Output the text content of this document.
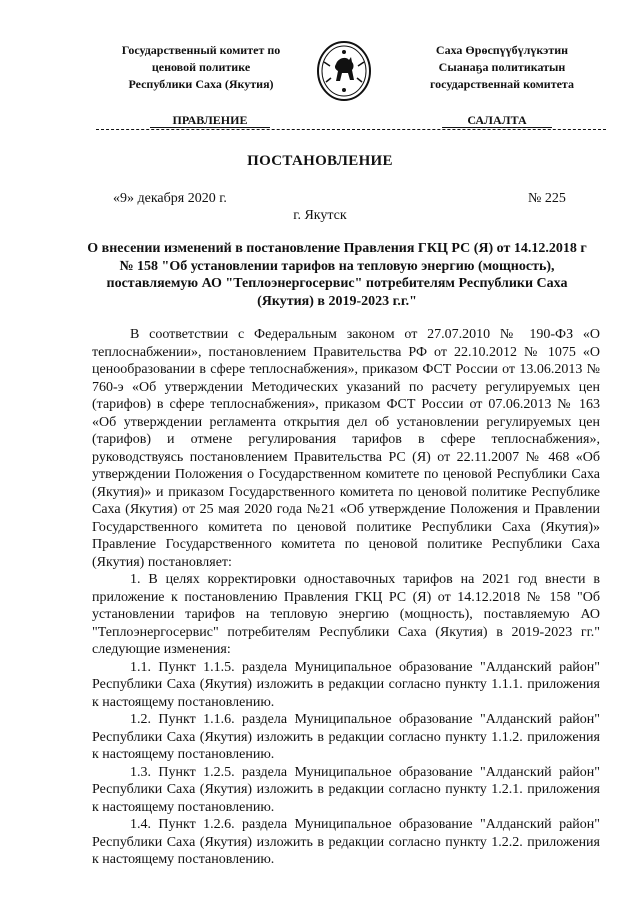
Государственный комитет по
ценовой политике
Республики Саха (Якутия)
Саха Өрөспүүбүлүкэтин
Сыанаҕа политикатын
государственнай комитета
ПРАВЛЕНИЕ	САЛАЛТА
ПОСТАНОВЛЕНИЕ
«9» декабря 2020 г.	№ 225
г. Якутск
О внесении изменений в постановление Правления ГКЦ РС (Я) от 14.12.2018 г № 158 "Об установлении тарифов на тепловую энергию (мощность), поставляемую АО "Теплоэнергосервис" потребителям Республики Саха (Якутия) в 2019-2023 г.г."

В соответствии с Федеральным законом от 27.07.2010 № 190-ФЗ «О теплоснабжении», постановлением Правительства РФ от 22.10.2012 № 1075 «О ценообразовании в сфере теплоснабжения», приказом ФСТ России от 13.06.2013 № 760-э «Об утверждении Методических указаний по расчету регулируемых цен (тарифов) в сфере теплоснабжения», приказом ФСТ России от 07.06.2013 № 163 «Об утверждении регламента открытия дел об установлении регулируемых цен (тарифов) и отмене регулирования тарифов в сфере теплоснабжения», руководствуясь постановлением Правительства РС (Я) от 22.11.2007 № 468 «Об утверждении Положения о Государственном комитете по ценовой Республики Саха (Якутия)» и приказом Государственного комитета по ценовой политике Республике Саха (Якутия) от 25 мая 2020 года №21 «Об утверждение Положения и Правлении Государственного комитета по ценовой политике Республики Саха (Якутия)» Правление Государственного комитета по ценовой политике Республики Саха (Якутия) постановляет:

1. В целях корректировки одноставочных тарифов на 2021 год внести в приложение к постановлению Правления ГКЦ РС (Я) от 14.12.2018 № 158 "Об установлении тарифов на тепловую энергию (мощность), поставляемую АО "Теплоэнергосервис" потребителям Республики Саха (Якутия) в 2019-2023 гг." следующие изменения:

1.1. Пункт 1.1.5. раздела Муниципальное образование "Алданский район" Республики Саха (Якутия) изложить в редакции согласно пункту 1.1.1. приложения к настоящему постановлению.

1.2. Пункт 1.1.6. раздела Муниципальное образование "Алданский район" Республики Саха (Якутия) изложить в редакции согласно пункту 1.1.2. приложения к настоящему постановлению.

1.3. Пункт 1.2.5. раздела Муниципальное образование "Алданский район" Республики Саха (Якутия) изложить в редакции согласно пункту 1.2.1. приложения к настоящему постановлению.

1.4. Пункт 1.2.6. раздела Муниципальное образование "Алданский район" Республики Саха (Якутия) изложить в редакции согласно пункту 1.2.2. приложения к настоящему постановлению.
